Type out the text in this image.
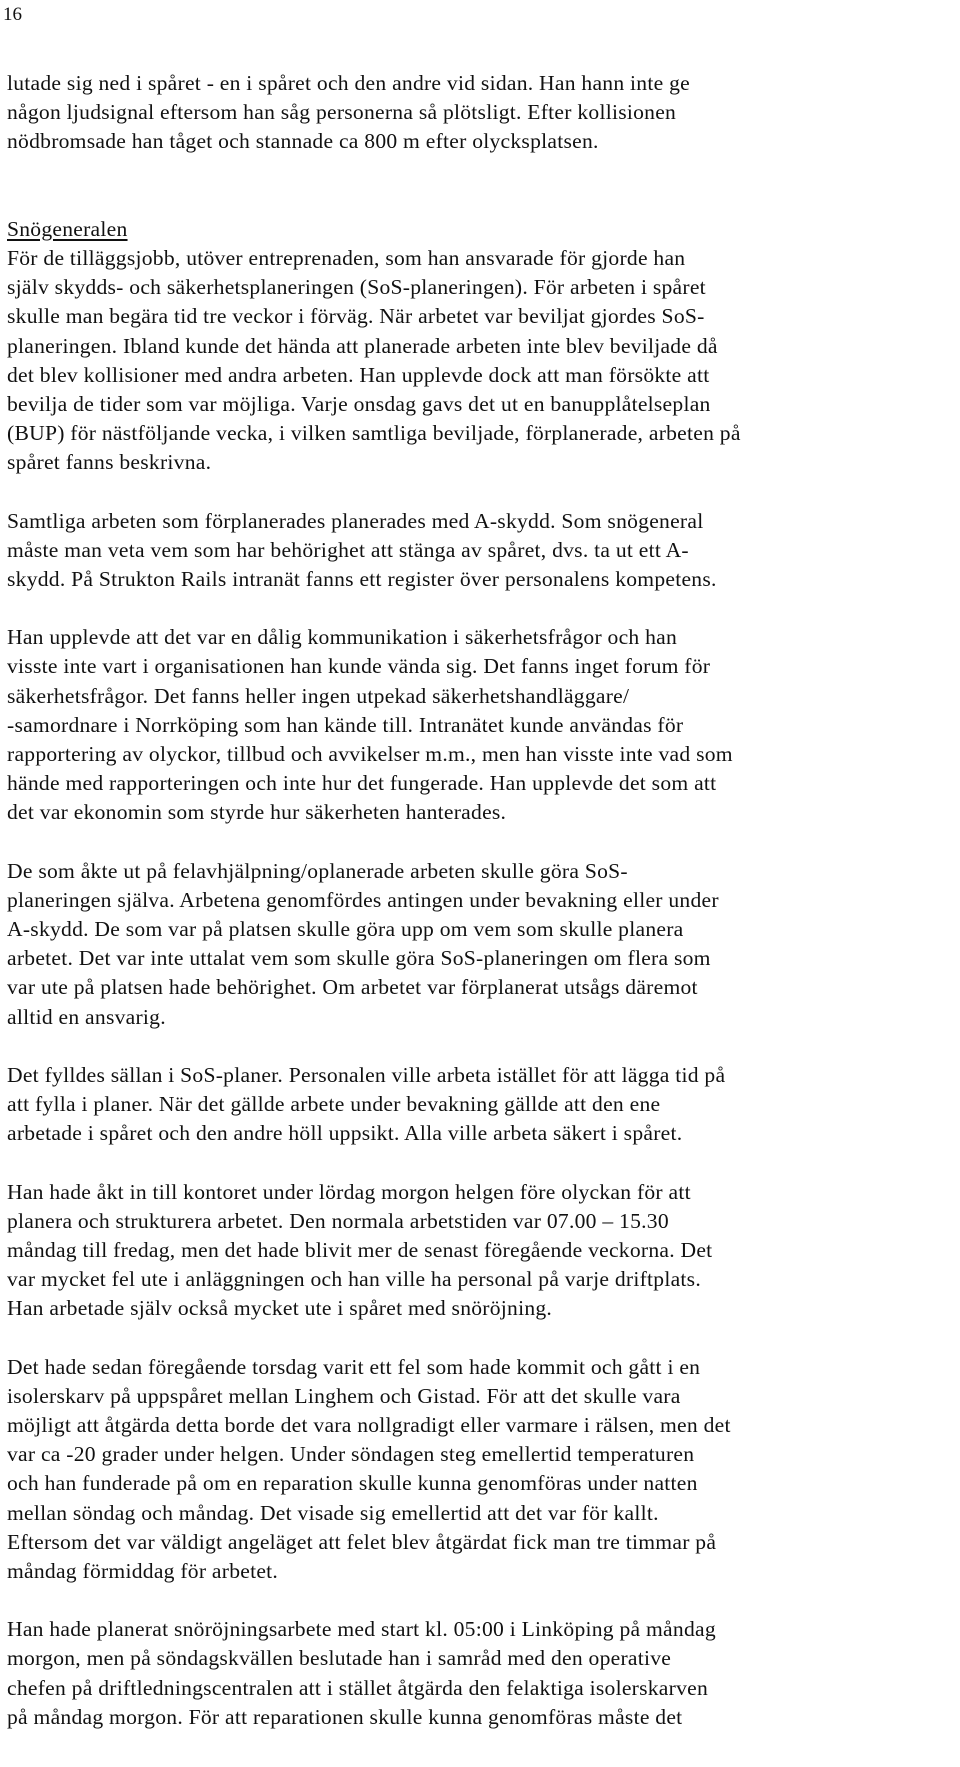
16

lutade sig ned i spåret - en i spåret och den andre vid sidan. Han hann inte ge
någon ljudsignal eftersom han såg personerna så plötsligt. Efter kollisionen
nödbromsade han tåget och stannade ca 800 m efter olycksplatsen.

Snögeneralen
För de tilläggsjobb, utöver entreprenaden, som han ansvarade för gjorde han
själv skydds- och säkerhetsplaneringen (SoS-planeringen). För arbeten i spåret
skulle man begära tid tre veckor i förväg. När arbetet var beviljat gjordes SoS-
planeringen. Ibland kunde det hända att planerade arbeten inte blev beviljade då
det blev kollisioner med andra arbeten. Han upplevde dock att man försökte att
bevilja de tider som var möjliga. Varje onsdag gavs det ut en banupplåtelseplan
(BUP) för nästföljande vecka, i vilken samtliga beviljade, förplanerade, arbeten på
spåret fanns beskrivna.

Samtliga arbeten som förplanerades planerades med A-skydd. Som snögeneral
måste man veta vem som har behörighet att stänga av spåret, dvs. ta ut ett A-
skydd. På Strukton Rails intranät fanns ett register över personalens kompetens.

Han upplevde att det var en dålig kommunikation i säkerhetsfrågor och han
visste inte vart i organisationen han kunde vända sig. Det fanns inget forum för
säkerhetsfrågor. Det fanns heller ingen utpekad säkerhetshandläggare/
-samordnare i Norrköping som han kände till. Intranätet kunde användas för
rapportering av olyckor, tillbud och avvikelser m.m., men han visste inte vad som
hände med rapporteringen och inte hur det fungerade. Han upplevde det som att
det var ekonomin som styrde hur säkerheten hanterades.

De som åkte ut på felavhjälpning/oplanerade arbeten skulle göra SoS-
planeringen själva. Arbetena genomfördes antingen under bevakning eller under
A-skydd. De som var på platsen skulle göra upp om vem som skulle planera
arbetet. Det var inte uttalat vem som skulle göra SoS-planeringen om flera som
var ute på platsen hade behörighet. Om arbetet var förplanerat utsågs däremot
alltid en ansvarig.

Det fylldes sällan i SoS-planer. Personalen ville arbeta istället för att lägga tid på
att fylla i planer. När det gällde arbete under bevakning gällde att den ene
arbetade i spåret och den andre höll uppsikt. Alla ville arbeta säkert i spåret.

Han hade åkt in till kontoret under lördag morgon helgen före olyckan för att
planera och strukturera arbetet. Den normala arbetstiden var 07.00 – 15.30
måndag till fredag, men det hade blivit mer de senast föregående veckorna. Det
var mycket fel ute i anläggningen och han ville ha personal på varje driftplats.
Han arbetade själv också mycket ute i spåret med snöröjning.

Det hade sedan föregående torsdag varit ett fel som hade kommit och gått i en
isolerskarv på uppspåret mellan Linghem och Gistad. För att det skulle vara
möjligt att åtgärda detta borde det vara nollgradigt eller varmare i rälsen, men det
var ca -20 grader under helgen. Under söndagen steg emellertid temperaturen
och han funderade på om en reparation skulle kunna genomföras under natten
mellan söndag och måndag. Det visade sig emellertid att det var för kallt.
Eftersom det var väldigt angeläget att felet blev åtgärdat fick man tre timmar på
måndag förmiddag för arbetet.

Han hade planerat snöröjningsarbete med start kl. 05:00 i Linköping på måndag
morgon, men på söndagskvällen beslutade han i samråd med den operative
chefen på driftledningscentralen att i stället åtgärda den felaktiga isolerskarven
på måndag morgon. För att reparationen skulle kunna genomföras måste det
